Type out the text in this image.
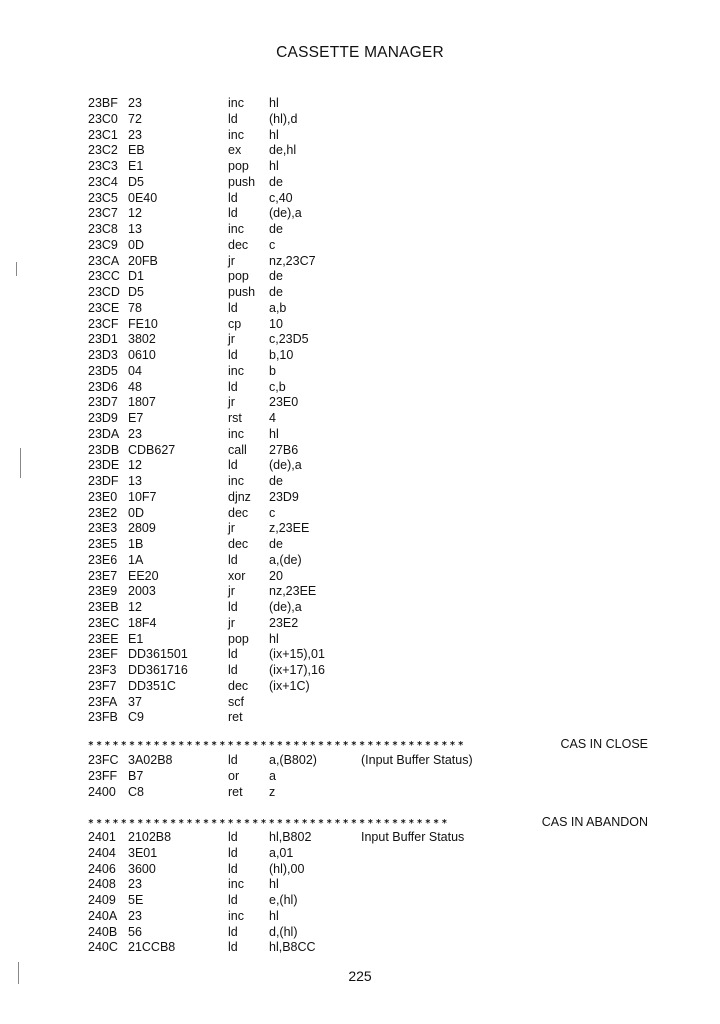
CASSETTE MANAGER
23BF 23	inc hl
23C0 72	ld	(hl),d
23C1 23	inc hl
23C2 EB	ex de,hl
23C3 E1	pop hl
23C4 D5	push de
23C5 0E40	ld	c,40
23C7 12	ld	(de),a
23C8 13	inc de
23C9 0D	dec c
23CA 20FB	jr	nz,23C7
23CC D1	pop de
23CD D5	push de
23CE 78	ld	a,b
23CF FE10	cp 10
23D1 3802	jr	c,23D5
23D3 0610	ld	b,10
23D5 04	inc b
23D6 48	ld	c,b
23D7 1807	jr	23E0
23D9 E7	rst 4
23DA 23	inc hl
23DB CDB627	call 27B6
23DE 12	ld	(de),a
23DF 13	inc de
23E0 10F7	djnz 23D9
23E2 0D	dec c
23E3 2809	jr	z,23EE
23E5 1B	dec de
23E6 1A	ld	a,(de)
23E7 EE20	xor 20
23E9 2003	jr	nz,23EE
23EB 12	ld	(de),a
23EC 18F4	jr	23E2
23EE E1	pop hl
23EF DD361501	ld	(ix+15),01
23F3 DD361716	ld	(ix+17),16
23F7 DD351C	dec (ix+1C)
23FA 37	scf
23FB C9	ret
**********************************************	CAS IN CLOSE
23FC 3A02B8	ld	a,(B802)	(Input Buffer Status)
23FF B7	or a
2400 C8	ret z
********************************************	CAS IN ABANDON
2401 2102B8	ld	hl,B802	Input Buffer Status
2404 3E01	ld	a,01
2406 3600	ld	(hl),00
2408 23	inc hl
2409 5E	ld	e,(hl)
240A 23	inc hl
240B 56	ld	d,(hl)
240C 21CCB8	ld	hl,B8CC
225
